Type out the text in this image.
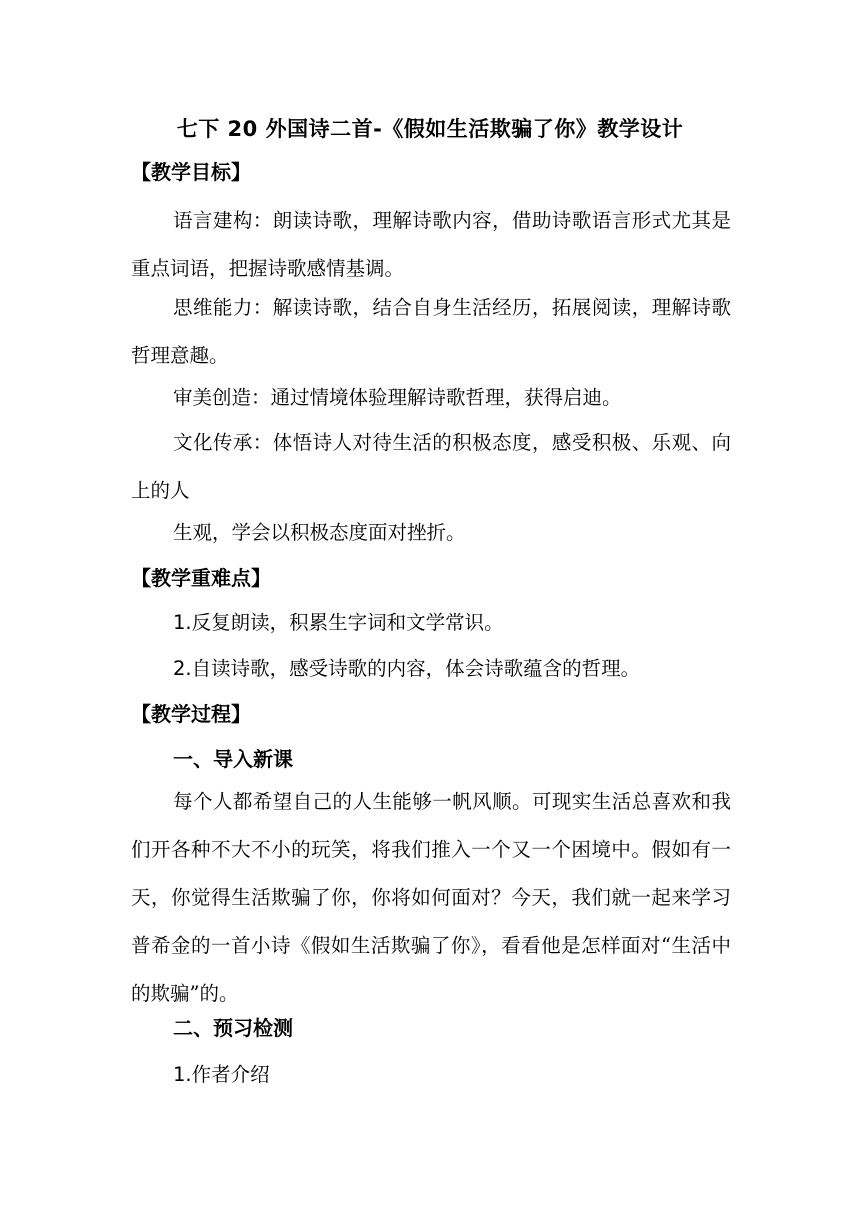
七下 20 外国诗二首-《假如生活欺骗了你》教学设计
【教学目标】

语言建构：朗读诗歌，理解诗歌内容，借助诗歌语言形式尤其是重点词语，把握诗歌感情基调。

思维能力：解读诗歌，结合自身生活经历，拓展阅读，理解诗歌哲理意趣。

审美创造：通过情境体验理解诗歌哲理，获得启迪。

文化传承：体悟诗人对待生活的积极态度，感受积极、乐观、向上的人

生观，学会以积极态度面对挫折。
【教学重难点】
1.反复朗读，积累生字词和文学常识。
2.自读诗歌，感受诗歌的内容，体会诗歌蕴含的哲理。
【教学过程】
一、导入新课

每个人都希望自己的人生能够一帆风顺。可现实生活总喜欢和我们开各种不大不小的玩笑，将我们推入一个又一个困境中。假如有一天，你觉得生活欺骗了你，你将如何面对？今天，我们就一起来学习普希金的一首小诗《假如生活欺骗了你》，看看他是怎样面对“生活中的欺骗”的。

二、预习检测
1.作者介绍
